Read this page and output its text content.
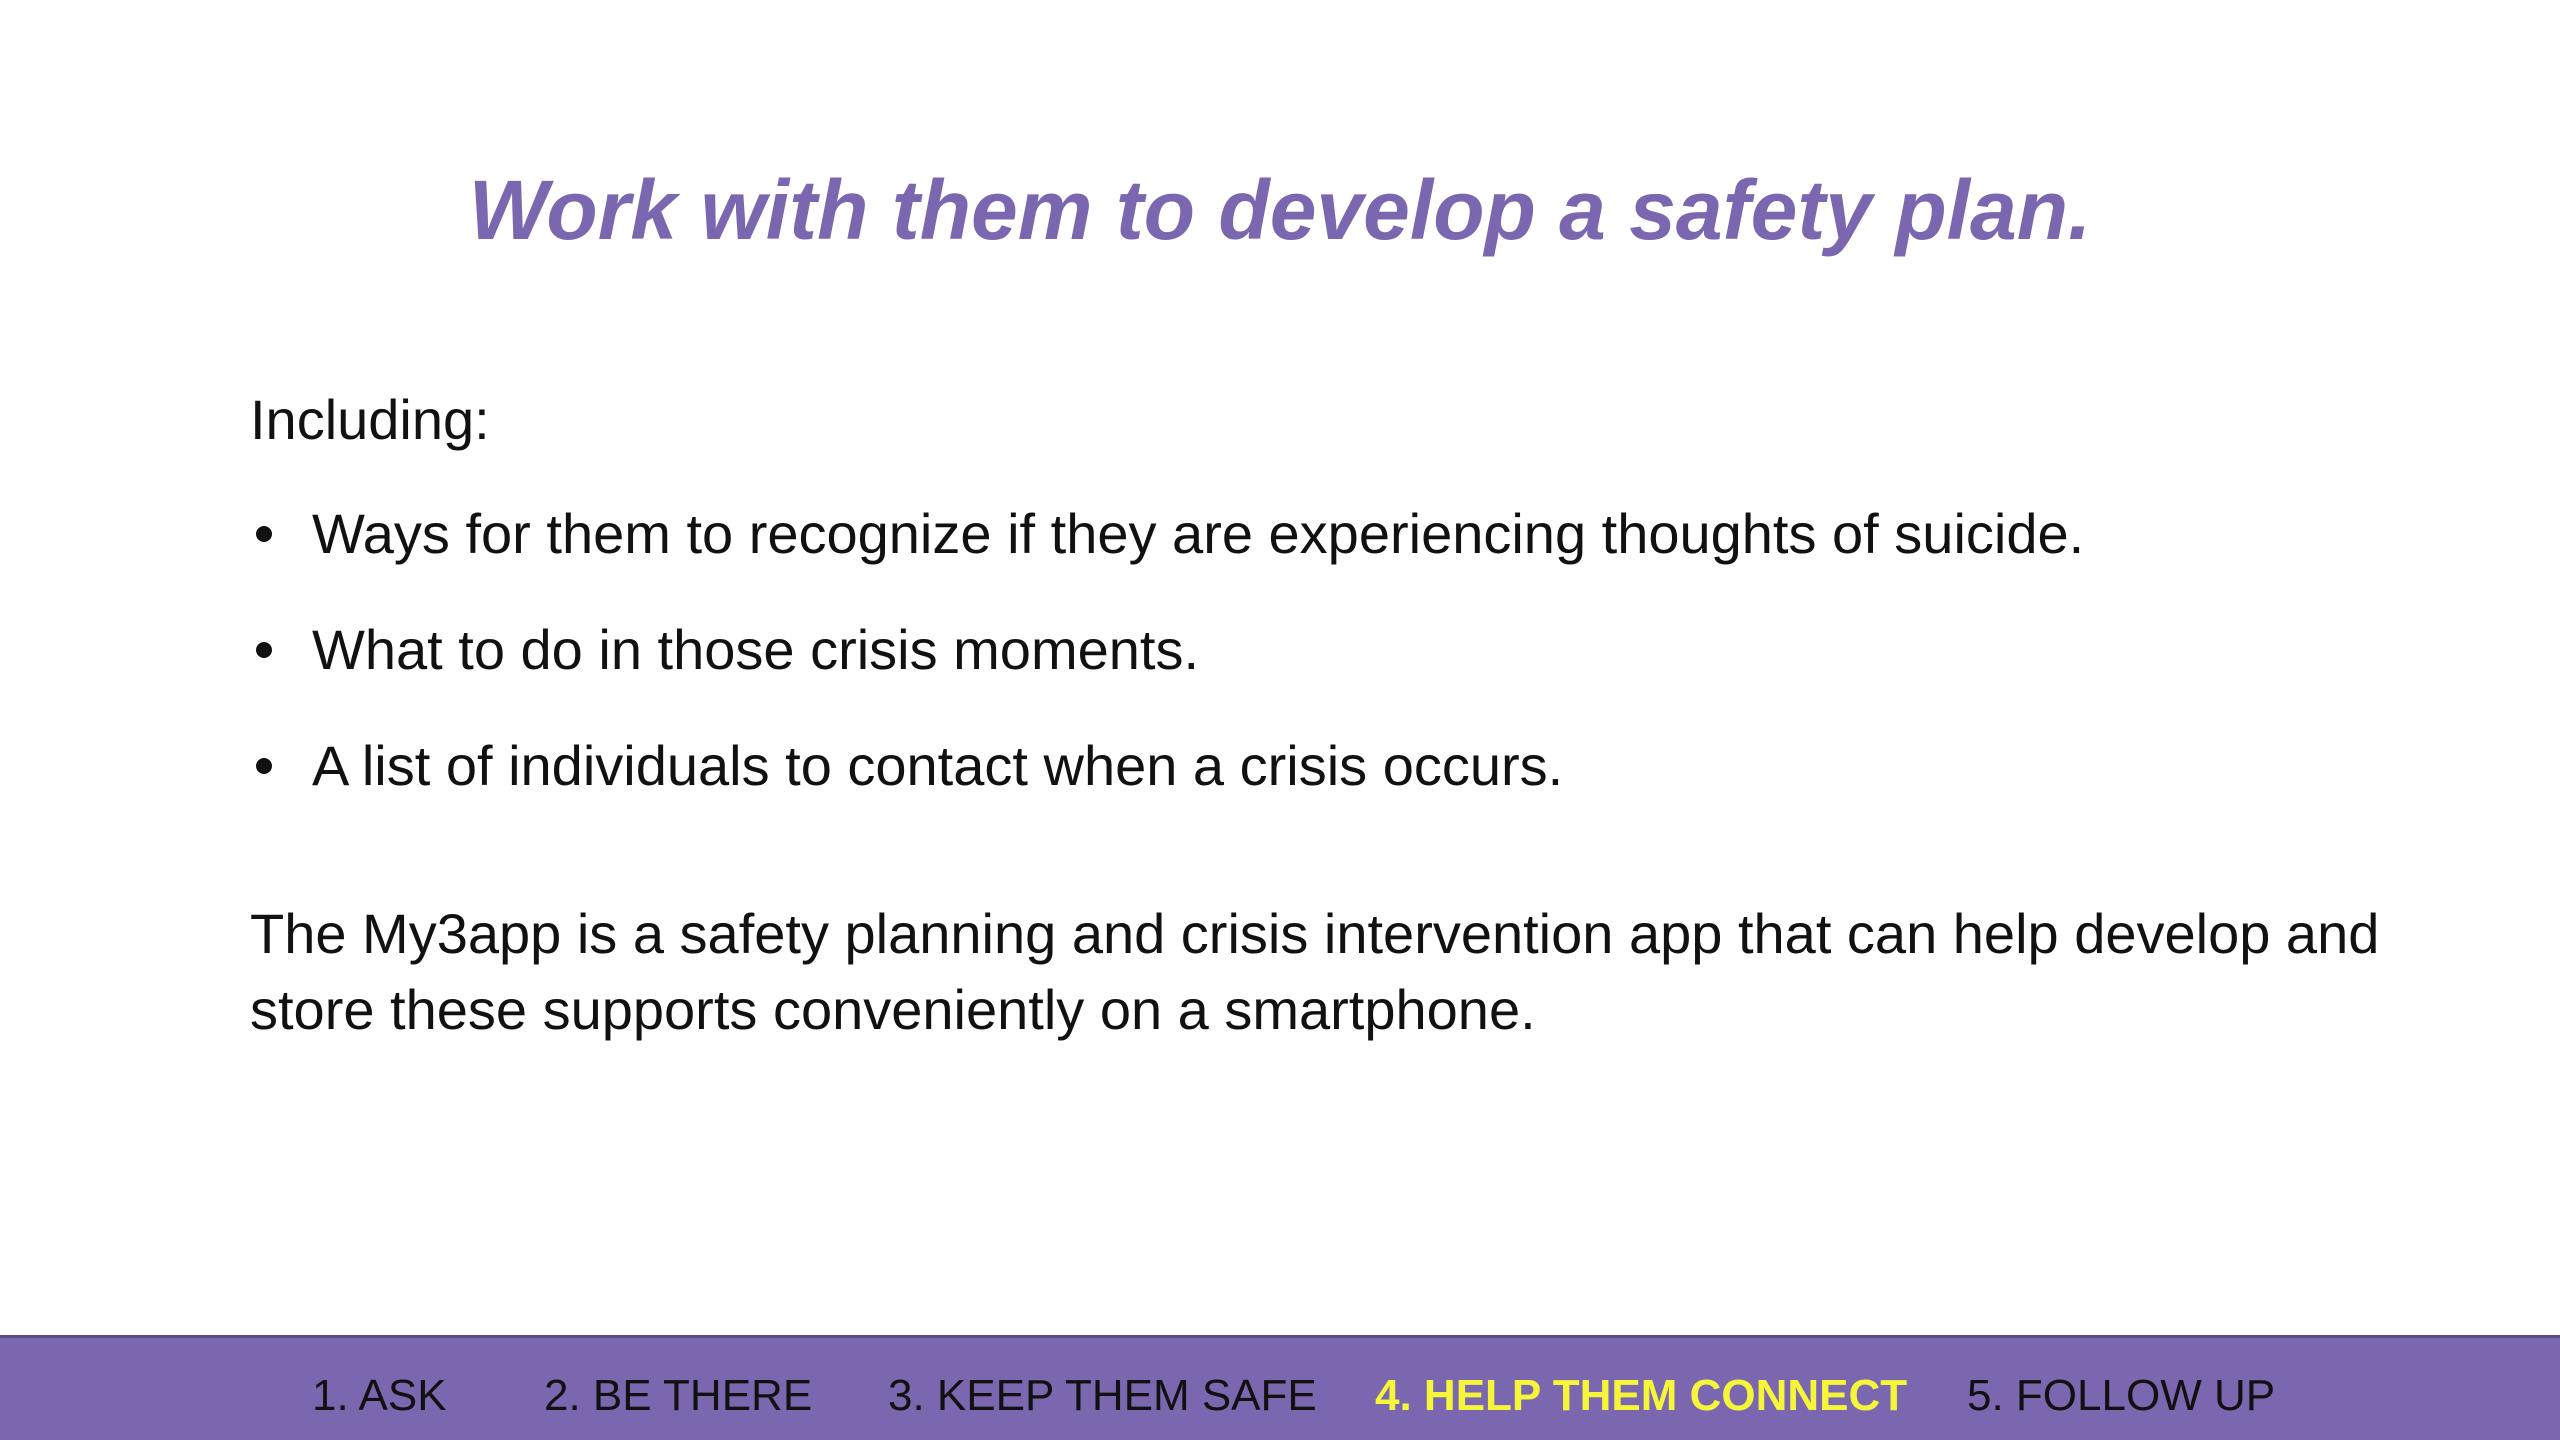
Work with them to develop a safety plan.

Including:

Ways for them to recognize if they are experiencing thoughts of suicide.
What to do in those crisis moments.
A list of individuals to contact when a crisis occurs.

The My3app is a safety planning and crisis intervention app that can help develop and store these supports conveniently on a smartphone.

1. ASK 2. BE THERE 3. KEEP THEM SAFE 4. HELP THEM CONNECT 5. FOLLOW UP
